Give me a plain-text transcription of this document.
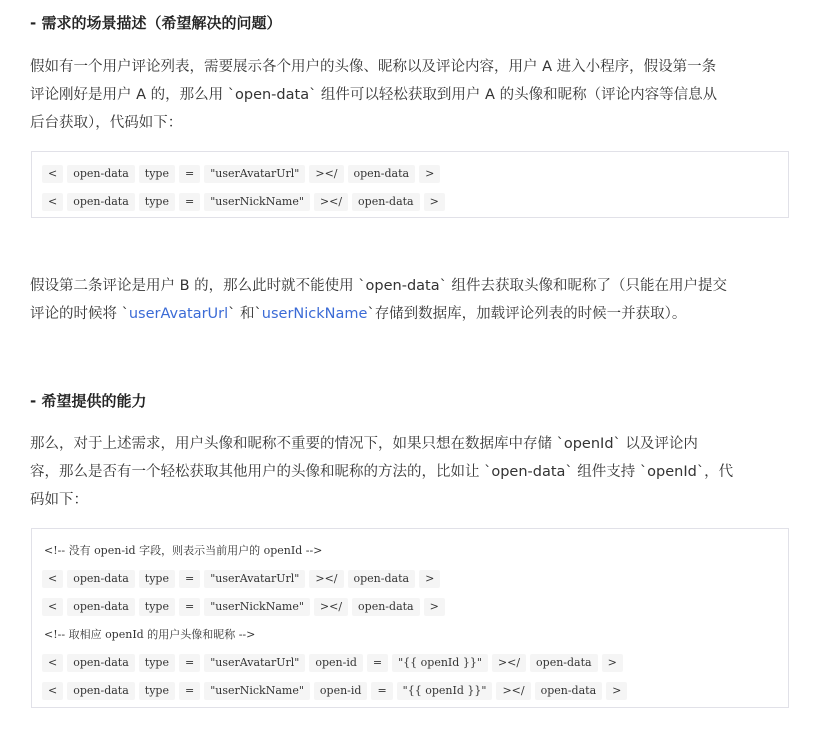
- 需求的场景描述（希望解决的问题）
假如有一个用户评论列表，需要展示各个用户的头像、昵称以及评论内容，用户 A 进入小程序，假设第一条
评论刚好是用户 A 的，那么用 `open-data` 组件可以轻松获取到用户 A 的头像和昵称（评论内容等信息从
后台获取），代码如下：
<	open-data	type	=	"userAvatarUrl"	></	open-data	>
<	open-data	type	=	"userNickName"	></	open-data	>
假设第二条评论是用户 B 的，那么此时就不能使用 `open-data` 组件去获取头像和昵称了（只能在用户提交
评论的时候将 `userAvatarUrl` 和`userNickName`存储到数据库，加载评论列表的时候一并获取）。
- 希望提供的能力
那么，对于上述需求，用户头像和昵称不重要的情况下，如果只想在数据库中存储 `openId` 以及评论内
容，那么是否有一个轻松获取其他用户的头像和昵称的方法的，比如让 `open-data` 组件支持 `openId`，代
码如下：
<!-- 没有 open-id 字段，则表示当前用户的 openId -->
<	open-data	type	=	"userAvatarUrl"	></	open-data	>
<	open-data	type	=	"userNickName"	></	open-data	>
<!-- 取相应 openId 的用户头像和昵称 -->
<	open-data	type	=	"userAvatarUrl"	open-id	=	"{{ openId }}"	></	open-data	>
<	open-data	type	=	"userNickName"	open-id	=	"{{ openId }}"	></	open-data	>
